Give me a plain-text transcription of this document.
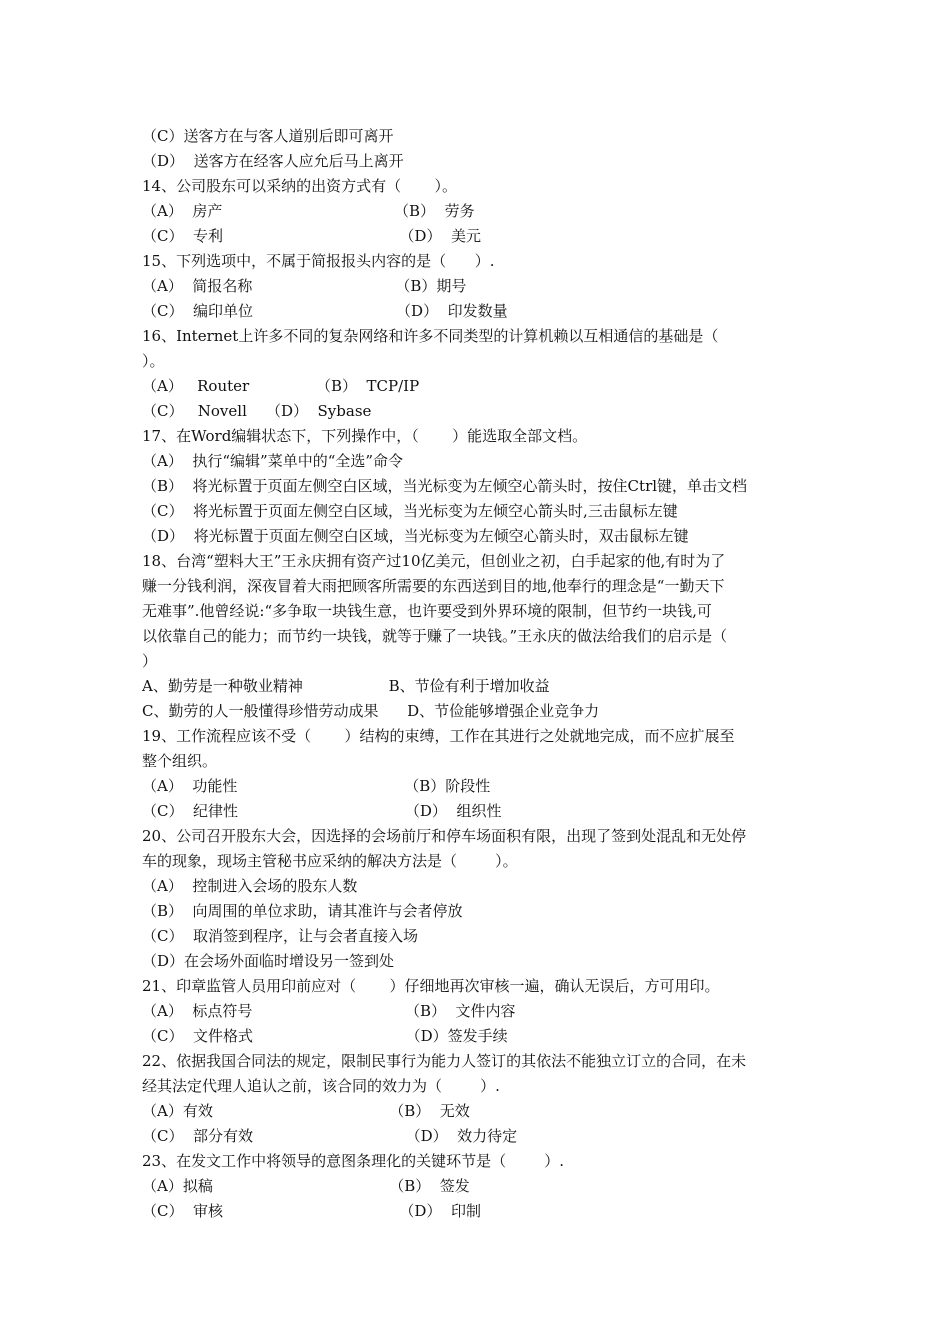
（C）送客方在与客人道别后即可离开
（D）  送客方在经客人应允后马上离开
14、公司股东可以采纳的出资方式有（       ）。
（A）  房产                                    （B）  劳务
（C）  专利                                     （D）  美元
15、下列选项中，不属于简报报头内容的是（      ）.
（A）  简报名称                              （B）期号
（C）  编印单位                              （D）  印发数量
16、Internet上许多不同的复杂网络和许多不同类型的计算机赖以互相通信的基础是（
）。
（A）   Router              （B）  TCP/IP
（C）   Novell    （D）  Sybase
17、在Word编辑状态下，下列操作中，（       ）能选取全部文档。
（A）  执行“编辑”菜单中的“全选”命令
（B）  将光标置于页面左侧空白区域，当光标变为左倾空心箭头时，按住Ctrl键，单击文档
（C）  将光标置于页面左侧空白区域，当光标变为左倾空心箭头时,三击鼠标左键
（D）  将光标置于页面左侧空白区域，当光标变为左倾空心箭头时，双击鼠标左键
18、台湾“塑料大王”王永庆拥有资产过10亿美元，但创业之初，白手起家的他,有时为了
赚一分钱利润，深夜冒着大雨把顾客所需要的东西送到目的地,他奉行的理念是“一勤天下
无难事”.他曾经说:“多争取一块钱生意，也许要受到外界环境的限制，但节约一块钱,可
以依靠自己的能力；而节约一块钱，就等于赚了一块钱。”王永庆的做法给我们的启示是（
）
A、勤劳是一种敬业精神                  B、节俭有利于增加收益
C、勤劳的人一般懂得珍惜劳动成果      D、节俭能够增强企业竞争力
19、工作流程应该不受（       ）结构的束缚，工作在其进行之处就地完成，而不应扩展至
整个组织。
（A）  功能性                                   （B）阶段性
（C）  纪律性                                   （D）  组织性
20、公司召开股东大会，因选择的会场前厅和停车场面积有限，出现了签到处混乱和无处停
车的现象，现场主管秘书应采纳的解决方法是（        ）。
（A）  控制进入会场的股东人数
（B）  向周围的单位求助，请其准许与会者停放
（C）  取消签到程序，让与会者直接入场
（D）在会场外面临时增设另一签到处
21、印章监管人员用印前应对（       ）仔细地再次审核一遍，确认无误后，方可用印。
（A）  标点符号                                （B）  文件内容
（C）  文件格式                                （D）签发手续
22、依据我国合同法的规定，限制民事行为能力人签订的其依法不能独立订立的合同，在未
经其法定代理人追认之前，该合同的效力为（        ）.
（A）有效                                     （B）  无效
（C）  部分有效                                （D）  效力待定
23、在发文工作中将领导的意图条理化的关键环节是（        ）.
（A）拟稿                                     （B）  签发
（C）  审核                                     （D）  印制
